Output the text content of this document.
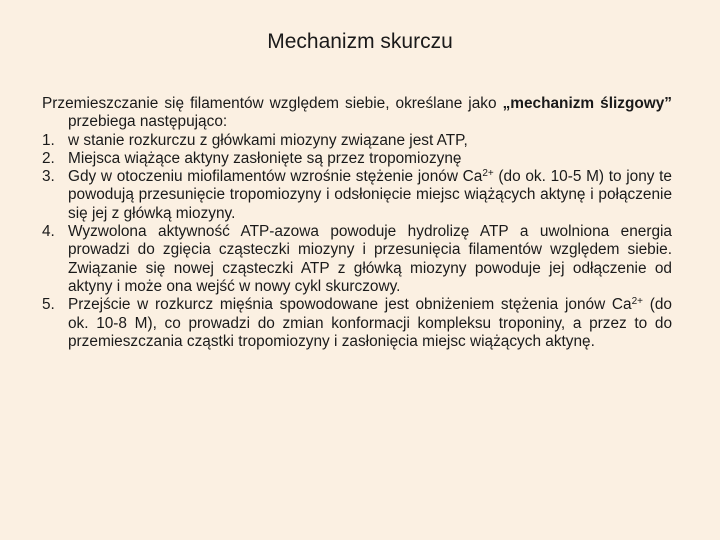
Mechanizm skurczu

Przemieszczanie się filamentów względem siebie, określane jako „mechanizm ślizgowy” przebiega następująco:

1. w stanie rozkurczu z główkami miozyny związane jest ATP,
2. Miejsca wiążące aktyny zasłonięte są przez tropomiozynę
3. Gdy w otoczeniu miofilamentów wzrośnie stężenie jonów $Ca^{2+}$ (do ok. 10-5 M) to jony te powodują przesunięcie tropomiozyny i odsłonięcie miejsc wiążących aktynę i połączenie się jej z główką miozyny.
4. Wyzwolona aktywność ATP-azowa powoduje hydrolizę ATP a uwolniona energia prowadzi do zgięcia cząsteczki miozyny i przesunięcia filamentów względem siebie. Związanie się nowej cząsteczki ATP z główką miozyny powoduje jej odłączenie od aktyny i może ona wejść w nowy cykl skurczowy.
5. Przejście w rozkurcz mięśnia spowodowane jest obniżeniem stężenia jonów $Ca^{2+}$ (do ok. 10-8 M), co prowadzi do zmian konformacji kompleksu troponiny, a przez to do przemieszczania cząstki tropomiozyny i zasłonięcia miejsc wiążących aktynę.
